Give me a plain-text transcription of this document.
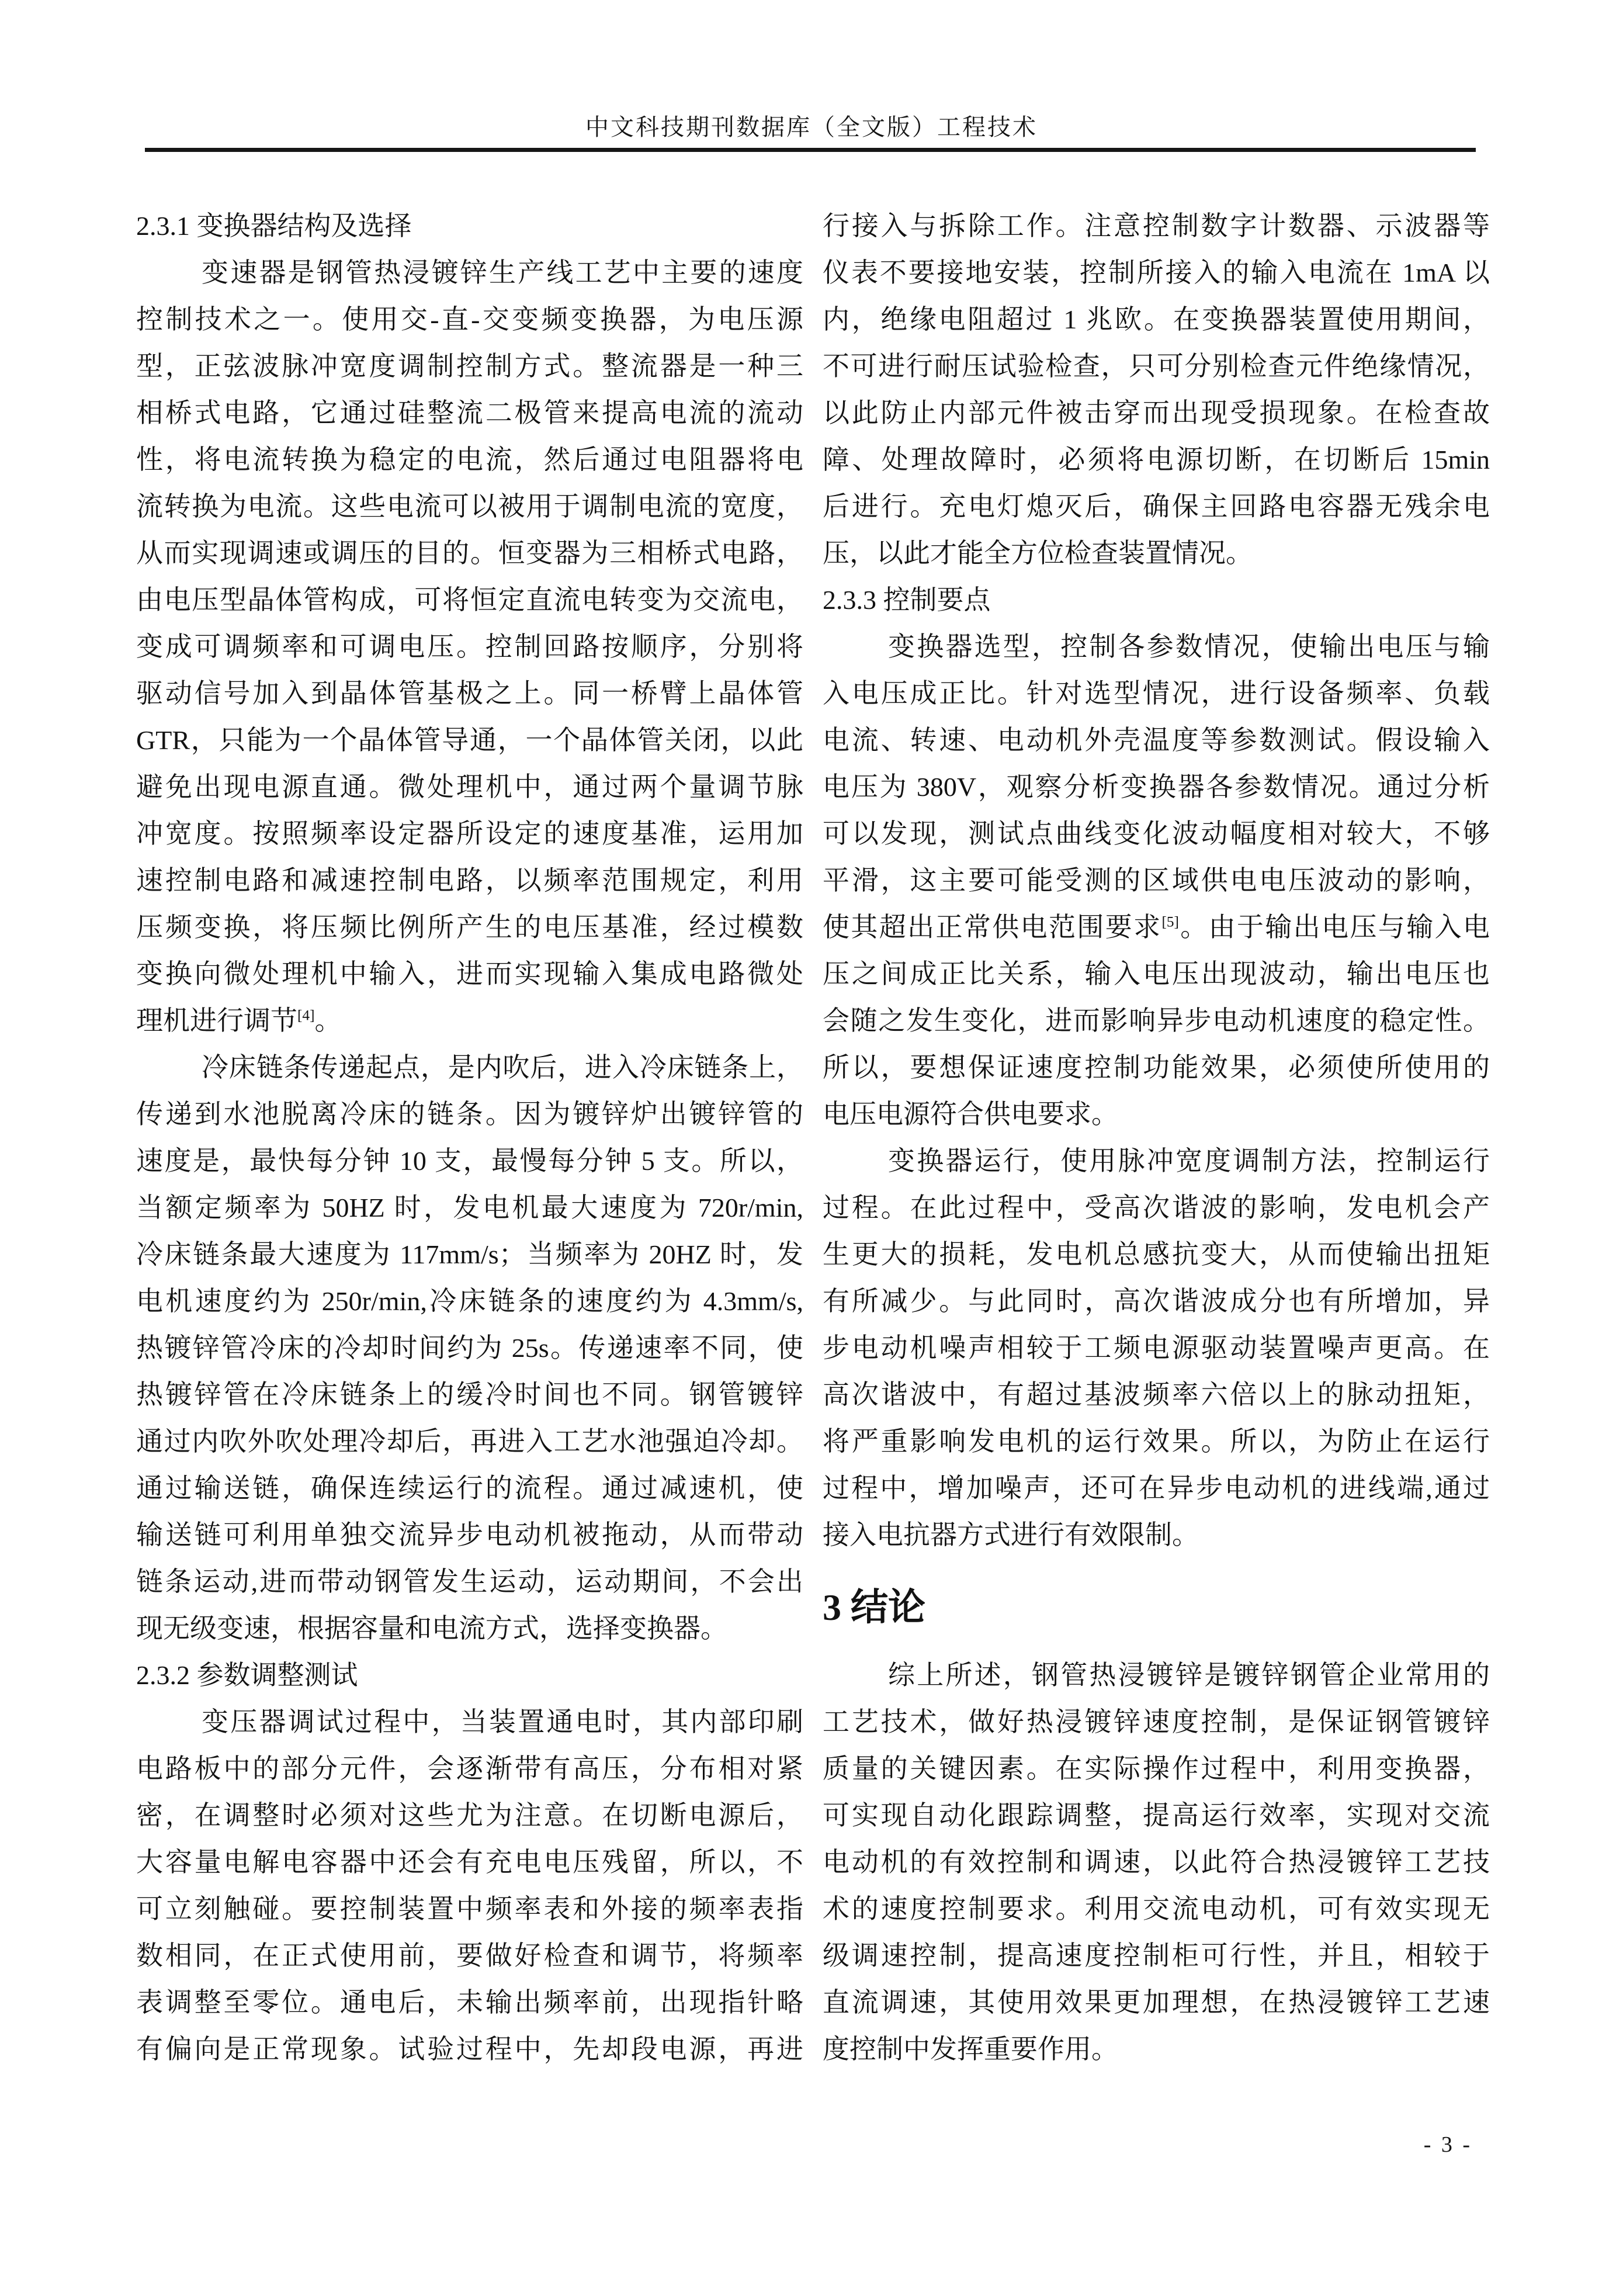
中文科技期刊数据库（全文版）工程技术
2.3.1 变换器结构及选择
变速器是钢管热浸镀锌生产线工艺中主要的速度
控制技术之一。使用交-直-交变频变换器，为电压源
型，正弦波脉冲宽度调制控制方式。整流器是一种三
相桥式电路，它通过硅整流二极管来提高电流的流动
性，将电流转换为稳定的电流，然后通过电阻器将电
流转换为电流。这些电流可以被用于调制电流的宽度，
从而实现调速或调压的目的。恒变器为三相桥式电路，
由电压型晶体管构成，可将恒定直流电转变为交流电，
变成可调频率和可调电压。控制回路按顺序，分别将
驱动信号加入到晶体管基极之上。同一桥臂上晶体管
GTR，只能为一个晶体管导通，一个晶体管关闭，以此
避免出现电源直通。微处理机中，通过两个量调节脉
冲宽度。按照频率设定器所设定的速度基准，运用加
速控制电路和减速控制电路，以频率范围规定，利用
压频变换，将压频比例所产生的电压基准，经过模数
变换向微处理机中输入，进而实现输入集成电路微处
理机进行调节[4]。
冷床链条传递起点，是内吹后，进入冷床链条上，
传递到水池脱离冷床的链条。因为镀锌炉出镀锌管的
速度是，最快每分钟 10 支，最慢每分钟 5 支。所以，
当额定频率为 50HZ 时，发电机最大速度为 720r/min,
冷床链条最大速度为 117mm/s；当频率为 20HZ 时，发
电机速度约为 250r/min,冷床链条的速度约为 4.3mm/s,
热镀锌管冷床的冷却时间约为 25s。传递速率不同，使
热镀锌管在冷床链条上的缓冷时间也不同。钢管镀锌
通过内吹外吹处理冷却后，再进入工艺水池强迫冷却。
通过输送链，确保连续运行的流程。通过减速机，使
输送链可利用单独交流异步电动机被拖动，从而带动
链条运动,进而带动钢管发生运动，运动期间，不会出
现无级变速，根据容量和电流方式，选择变换器。
2.3.2 参数调整测试
变压器调试过程中，当装置通电时，其内部印刷
电路板中的部分元件，会逐渐带有高压，分布相对紧
密，在调整时必须对这些尤为注意。在切断电源后，
大容量电解电容器中还会有充电电压残留，所以，不
可立刻触碰。要控制装置中频率表和外接的频率表指
数相同，在正式使用前，要做好检查和调节，将频率
表调整至零位。通电后，未输出频率前，出现指针略
有偏向是正常现象。试验过程中，先却段电源，再进
行接入与拆除工作。注意控制数字计数器、示波器等
仪表不要接地安装，控制所接入的输入电流在 1mA 以
内，绝缘电阻超过 1 兆欧。在变换器装置使用期间，
不可进行耐压试验检查，只可分别检查元件绝缘情况，
以此防止内部元件被击穿而出现受损现象。在检查故
障、处理故障时，必须将电源切断，在切断后 15min
后进行。充电灯熄灭后，确保主回路电容器无残余电
压，以此才能全方位检查装置情况。
2.3.3 控制要点
变换器选型，控制各参数情况，使输出电压与输
入电压成正比。针对选型情况，进行设备频率、负载
电流、转速、电动机外壳温度等参数测试。假设输入
电压为 380V，观察分析变换器各参数情况。通过分析
可以发现，测试点曲线变化波动幅度相对较大，不够
平滑，这主要可能受测的区域供电电压波动的影响，
使其超出正常供电范围要求[5]。由于输出电压与输入电
压之间成正比关系，输入电压出现波动，输出电压也
会随之发生变化，进而影响异步电动机速度的稳定性。
所以，要想保证速度控制功能效果，必须使所使用的
电压电源符合供电要求。
变换器运行，使用脉冲宽度调制方法，控制运行
过程。在此过程中，受高次谐波的影响，发电机会产
生更大的损耗，发电机总感抗变大，从而使输出扭矩
有所减少。与此同时，高次谐波成分也有所增加，异
步电动机噪声相较于工频电源驱动装置噪声更高。在
高次谐波中，有超过基波频率六倍以上的脉动扭矩，
将严重影响发电机的运行效果。所以，为防止在运行
过程中，增加噪声，还可在异步电动机的进线端,通过
接入电抗器方式进行有效限制。
3 结论
综上所述，钢管热浸镀锌是镀锌钢管企业常用的
工艺技术，做好热浸镀锌速度控制，是保证钢管镀锌
质量的关键因素。在实际操作过程中，利用变换器，
可实现自动化跟踪调整，提高运行效率，实现对交流
电动机的有效控制和调速，以此符合热浸镀锌工艺技
术的速度控制要求。利用交流电动机，可有效实现无
级调速控制，提高速度控制柜可行性，并且，相较于
直流调速，其使用效果更加理想，在热浸镀锌工艺速
度控制中发挥重要作用。
- 3 -
